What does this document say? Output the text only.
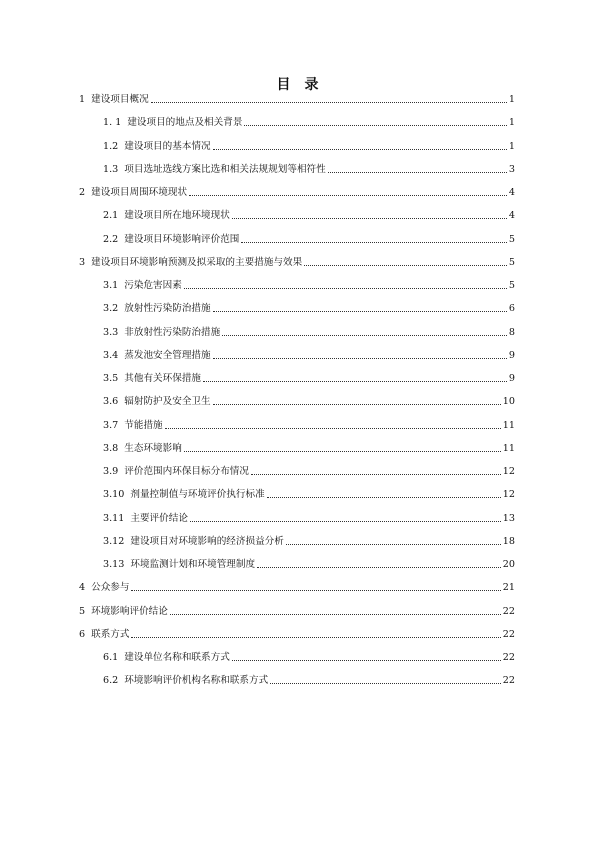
目 录
1 建设项目概况	1
1. 1 建设项目的地点及相关背景	1
1.2 建设项目的基本情况	1
1.3 项目选址选线方案比选和相关法规规划等相符性	3
2 建设项目周围环境现状	4
2.1 建设项目所在地环境现状	4
2.2 建设项目环境影响评价范围	5
3 建设项目环境影响预测及拟采取的主要措施与效果	5
3.1 污染危害因素	5
3.2 放射性污染防治措施	6
3.3 非放射性污染防治措施	8
3.4 蒸发池安全管理措施	9
3.5 其他有关环保措施	9
3.6 辐射防护及安全卫生	10
3.7 节能措施	11
3.8 生态环境影响	11
3.9 评价范围内环保目标分布情况	12
3.10 剂量控制值与环境评价执行标准	12
3.11 主要评价结论	13
3.12 建设项目对环境影响的经济损益分析	18
3.13 环境监测计划和环境管理制度	20
4 公众参与	21
5 环境影响评价结论	22
6 联系方式	22
6.1 建设单位名称和联系方式	22
6.2 环境影响评价机构名称和联系方式	22
